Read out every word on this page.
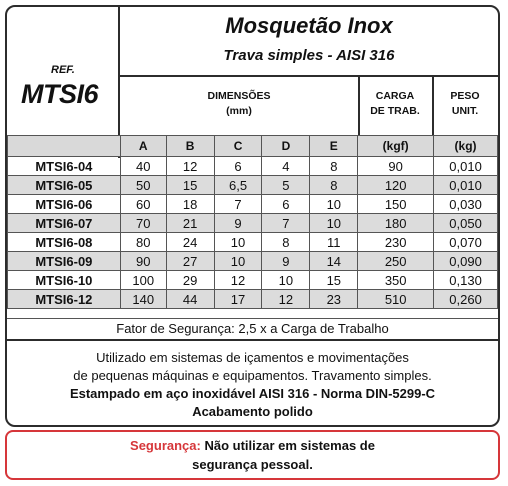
REF.
MTSI6
Mosquetão Inox
Trava simples - AISI 316
DIMENSÕES
(mm)
CARGA
DE TRAB.
PESO
UNIT.
	A	B	C	D	E	(kgf)	(kg)
MTSI6-04	40	12	6	4	8	90	0,010
MTSI6-05	50	15	6,5	5	8	120	0,010
MTSI6-06	60	18	7	6	10	150	0,030
MTSI6-07	70	21	9	7	10	180	0,050
MTSI6-08	80	24	10	8	11	230	0,070
MTSI6-09	90	27	10	9	14	250	0,090
MTSI6-10	100	29	12	10	15	350	0,130
MTSI6-12	140	44	17	12	23	510	0,260
Fator de Segurança: 2,5 x a Carga de Trabalho
Utilizado em sistemas de içamentos e movimentações
de pequenas máquinas e equipamentos. Travamento simples.
Estampado em aço inoxidável AISI 316 - Norma DIN-5299-C
Acabamento polido
Segurança: Não utilizar em sistemas de
segurança pessoal.
